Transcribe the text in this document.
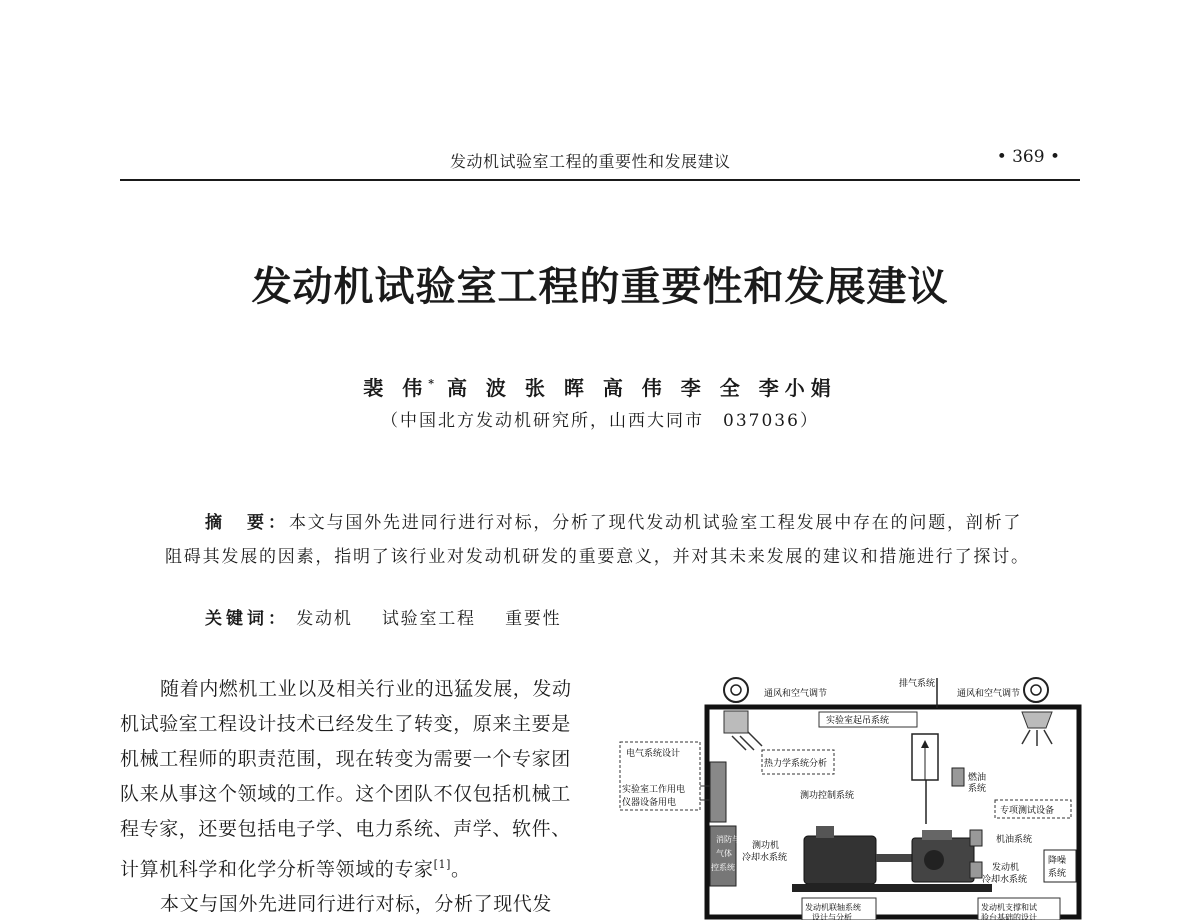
发动机试验室工程的重要性和发展建议	• 369 •
发动机试验室工程的重要性和发展建议
裴 伟* 高 波 张 晖 高 伟 李 全 李小娟
（中国北方发动机研究所，山西大同市　037036）
摘　要：本文与国外先进同行进行对标，分析了现代发动机试验室工程发展中存在的问题，剖析了阻碍其发展的因素，指明了该行业对发动机研发的重要意义，并对其未来发展的建议和措施进行了探讨。
关键词： 发动机 试验室工程 重要性

随着内燃机工业以及相关行业的迅猛发展，发动机试验室工程设计技术已经发生了转变，原来主要是机械工程师的职责范围，现在转变为需要一个专家团队来从事这个领域的工作。这个团队不仅包括机械工程专家，还要包括电子学、电力系统、声学、软件、计算机科学和化学分析等领域的专家[1]。

本文与国外先进同行进行对标，分析了现代发

通风和空气调节
排气系统
通风和空气调节
实验室起吊系统
电气系统设计
实验室工作用电
仪器设备用电
热力学系统分析
测功控制系统
燃油
系统
专项测试设备
消防与
气体
控系统
测功机
冷却水系统
机油系统
发动机
冷却水系统
降噪
系统
发动机联轴系统
设计与分析
发动机支撑和试
验台基础的设计
